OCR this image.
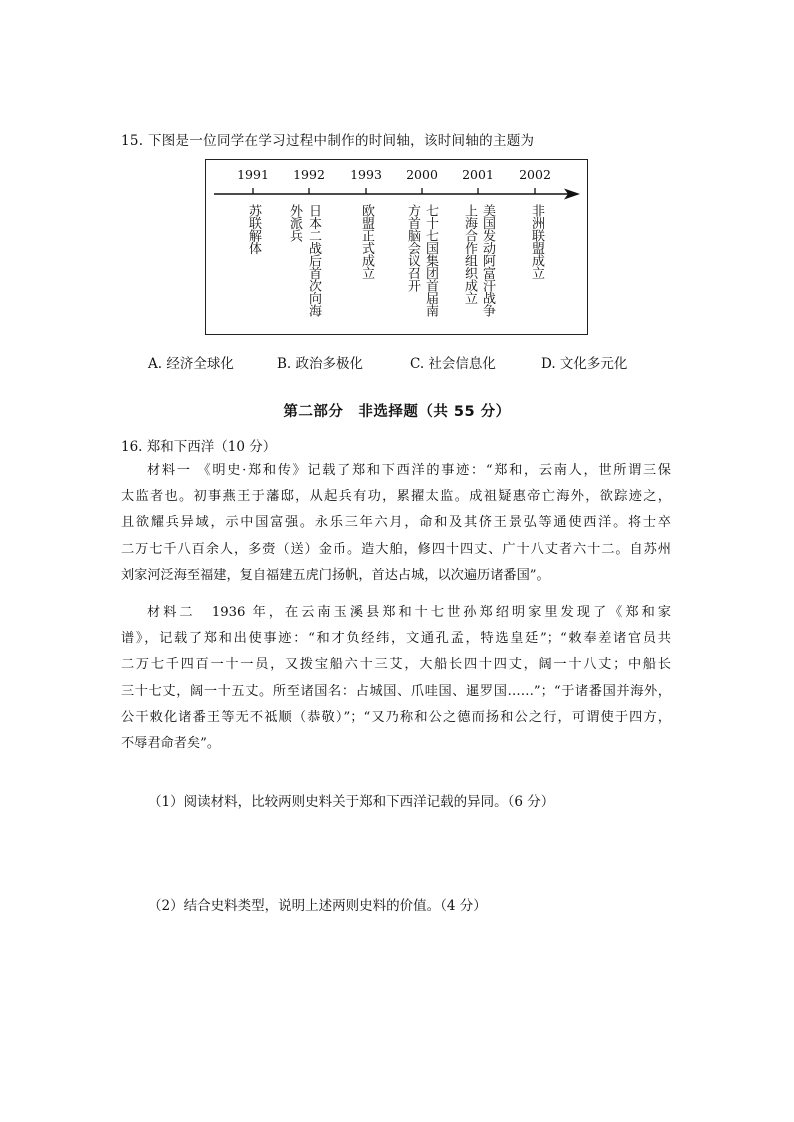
15. 下图是一位同学在学习过程中制作的时间轴，该时间轴的主题为
1991 1992 1993 2000 2001 2002
苏联解体 外派兵 日本二战后首次向海	欧盟正式成立 方首脑会议召开 七十七国集团首届南 上海合作组织成立 美国发动阿富汗战争	非洲联盟成立
A. 经济全球化	B. 政治多极化	C. 社会信息化	D. 文化多元化
第二部分　非选择题（共 55 分）
16. 郑和下西洋（10 分）
材料一 《明史·郑和传》记载了郑和下西洋的事迹：“郑和，云南人，世所谓三保
太监者也。初事燕王于藩邸，从起兵有功，累擢太监。成祖疑惠帝亡海外，欲踪迹之，
且欲耀兵异域，示中国富强。永乐三年六月，命和及其侪王景弘等通使西洋。将士卒
二万七千八百余人，多赍（送）金币。造大舶，修四十四丈、广十八丈者六十二。自苏州
刘家河泛海至福建，复自福建五虎门扬帆，首达占城，以次遍历诸番国”。
材料二　1936 年，在云南玉溪县郑和十七世孙郑绍明家里发现了《郑和家
谱》，记载了郑和出使事迹：“和才负经纬，文通孔孟，特选皇廷”；“敕奉差诸官员共
二万七千四百一十一员，又拨宝船六十三艾，大船长四十四丈，阔一十八丈；中船长
三十七丈，阔一十五丈。所至诸国名：占城国、爪哇国、暹罗国……”；“于诸番国并海外，
公干敕化诸番王等无不祗顺（恭敬）”；“又乃称和公之德而扬和公之行，可谓使于四方，
不辱君命者矣”。
（1）阅读材料，比较两则史料关于郑和下西洋记载的异同。（6 分）
（2）结合史料类型，说明上述两则史料的价值。（4 分）
